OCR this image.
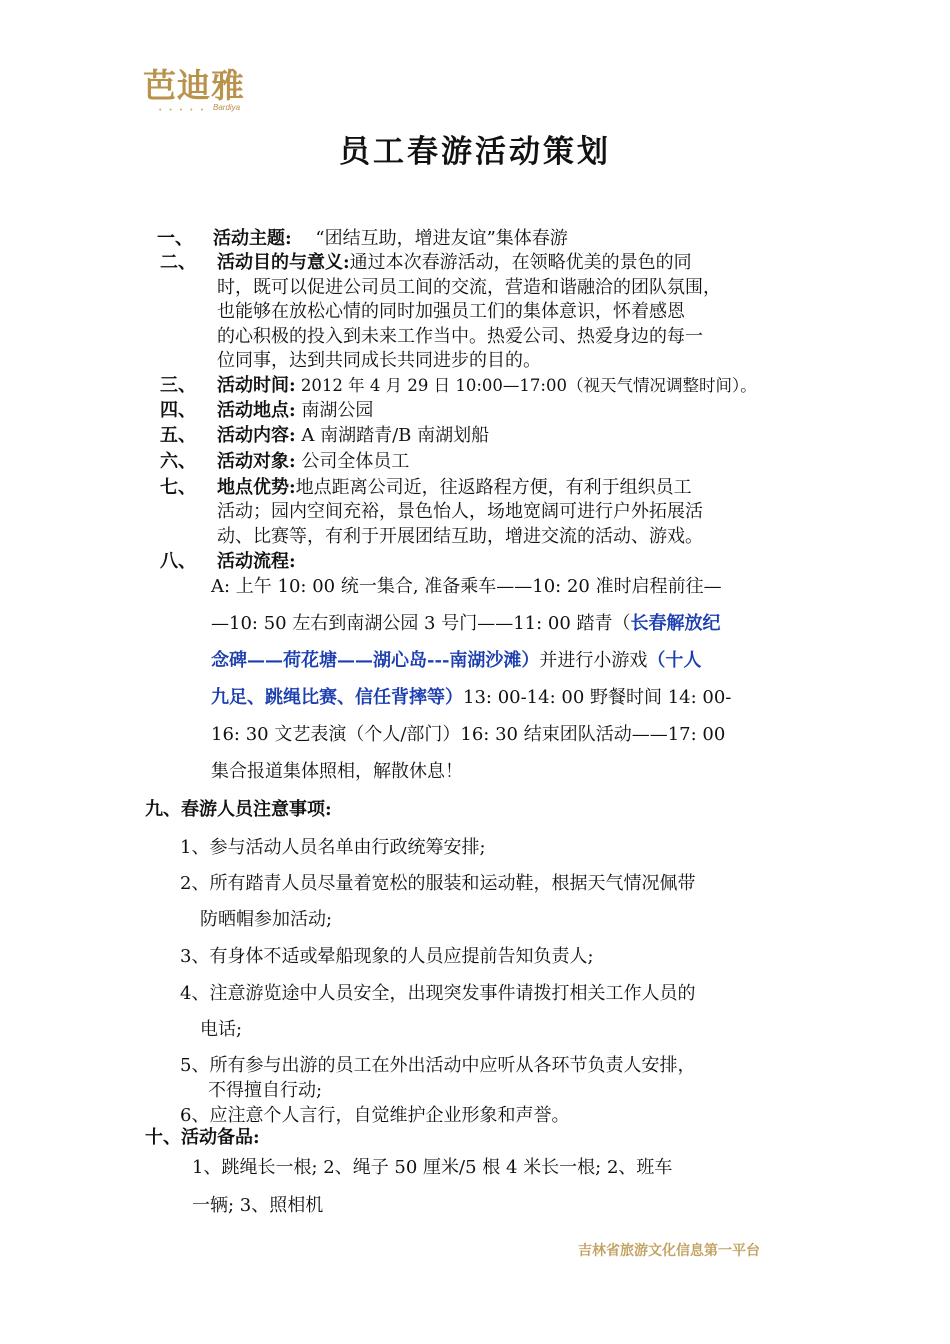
芭迪雅
• • • • • Bardiya
员工春游活动策划
一、 活动主题: “团结互助，增进友谊”集体春游
二、 活动目的与意义:通过本次春游活动，在领略优美的景色的同
时，既可以促进公司员工间的交流，营造和谐融洽的团队氛围，
也能够在放松心情的同时加强员工们的集体意识，怀着感恩
的心积极的投入到未来工作当中。热爱公司、热爱身边的每一
位同事，达到共同成长共同进步的目的。
三、 活动时间: 2012 年 4 月 29 日 10:00—17:00（视天气情况调整时间）。
四、 活动地点: 南湖公园
五、 活动内容: A 南湖踏青/B 南湖划船
六、 活动对象: 公司全体员工
七、 地点优势:地点距离公司近，往返路程方便，有利于组织员工
活动；园内空间充裕，景色怡人，场地宽阔可进行户外拓展活
动、比赛等，有利于开展团结互助，增进交流的活动、游戏。
八、 活动流程:
A: 上午 10: 00 统一集合, 准备乘车——10: 20 准时启程前往—
—10: 50 左右到南湖公园 3 号门——11: 00 踏青（长春解放纪
念碑——荷花塘——湖心岛---南湖沙滩）并进行小游戏（十人
九足、跳绳比赛、信任背摔等）13: 00-14: 00 野餐时间 14: 00-
16: 30 文艺表演（个人/部门）16: 30 结束团队活动——17: 00
集合报道集体照相，解散休息！
九、春游人员注意事项:
1、参与活动人员名单由行政统筹安排;
2、所有踏青人员尽量着宽松的服装和运动鞋，根据天气情况佩带
防晒帽参加活动;
3、有身体不适或晕船现象的人员应提前告知负责人;
4、注意游览途中人员安全，出现突发事件请拨打相关工作人员的
电话;
5、所有参与出游的员工在外出活动中应听从各环节负责人安排，
不得擅自行动;
6、应注意个人言行，自觉维护企业形象和声誉。
十、活动备品:
1、跳绳长一根; 2、绳子 50 厘米/5 根 4 米长一根; 2、班车
一辆; 3、照相机
吉林省旅游文化信息第一平台
